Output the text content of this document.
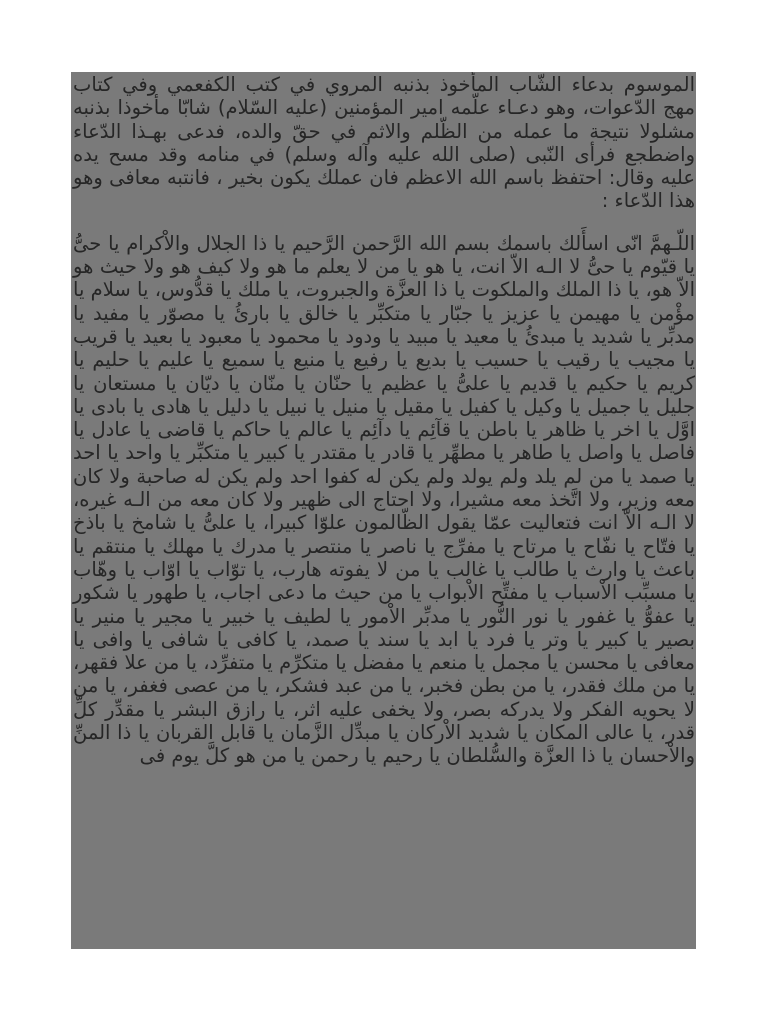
الموسوم بدعاء الشّاب المأخوذ بذنبه المروي في كتب الكفعمي وفي كتاب مهج الدّعوات، وهو دعـاء علّمه امير المؤمنين (عليه السّلام) شابّا مأخوذا بذنبه مشلولا نتيجة ما عمله من الظّلم والاثم في حقّ والده، فدعى بهـذا الدّعاء واضطجع فرأى النّبى (صلى الله عليه وآله وسلم) في منامه وقد مسح يده عليه وقال: احتفظ باسم الله الاعظم فان عملك يكون بخير ، فانتبه معافى وهو هذا الدّعاء :

اللّـهمَّ انّى اسأَلك باسمك بسم الله الرَّحمن الرَّحيم يا ذا الجلال والاْكرام يا حىُّ يا قيّوم يا حىُّ لا الـه الاّ انت، يا هو يا من لا يعلم ما هو ولا كيف هو ولا حيث هو الاّ هو، يا ذا الملك والملكوت يا ذا العزَّة والجبروت، يا ملك يا قدُّوس، يا سلام يا مؤْمن يا مهيمن يا عزيز يا جبّار يا متكبِّر يا خالق يا بارئُ يا مصوّر يا مفيد يا مدبِّر يا شديد يا مبدئُ يا معيد يا مبيد يا ودود يا محمود يا معبود يا بعيد يا قريب يا مجيب يا رقيب يا حسيب يا بديع يا رفيع يا منيع يا سميع يا عليم يا حليم يا كريم يا حكيم يا قديم يا علىُّ يا عظيم يا حنّان يا منّان يا ديّان يا مستعان يا جليل يا جميل يا وكيل يا كفيل يا مقيل يا منيل يا نبيل يا دليل يا هادى يا بادى يا اوَّل يا اخر يا ظاهر يا باطن يا قآئِم يا دآئِم يا عالم يا حاكم يا قاضى يا عادل يا فاصل يا واصل يا طاهر يا مطهِّر يا قادر يا مقتدر يا كبير يا متكبِّر يا واحد يا احد يا صمد يا من لم يلد ولم يولد ولم يكن له كفوا احد ولم يكن له صاحبة ولا كان معه وزير، ولا اتَّخذ معه مشيرا، ولا احتاج الى ظهير ولا كان معه من الـه غيره، لا الـه الاّ انت فتعاليت عمّا يقول الظّالمون علوّا كبيرا، يا علىُّ يا شامخ يا باذخ يا فتّاح يا نفّاح يا مرتاح يا مفرِّج يا ناصر يا منتصر يا مدرك يا مهلك يا منتقم يا باعث يا وارث يا طالب يا غالب يا من لا يفوته هارب، يا توّاب يا اوّاب يا وهّاب يا مسبِّب الاْسباب يا مفتِّح الاْبواب يا من حيث ما دعى اجاب، يا طهور يا شكور يا عفوُّ يا غفور يا نور النُّور يا مدبِّر الاْمور يا لطيف يا خبير يا مجير يا منير يا بصير يا كبير يا وتر يا فرد يا ابد يا سند يا صمد، يا كافى يا شافى يا وافى يا معافى يا محسن يا مجمل يا منعم يا مفضل يا متكرِّم يا متفرِّد، يا من علا فقهر، يا من ملك فقدر، يا من بطن فخبر، يا من عبد فشكر، يا من عصى فغفر، يا من لا يحويه الفكر ولا يدركه بصر، ولا يخفى عليه اثر، يا رازق البشر يا مقدِّر كلِّ قدر، يا عالى المكان يا شديد الاْركان يا مبدِّل الزَّمان يا قابل القربان يا ذا المنِّ والاْحسان يا ذا العزَّة والسُّلطان يا رحيم يا رحمن يا من هو كلَّ يوم فى
